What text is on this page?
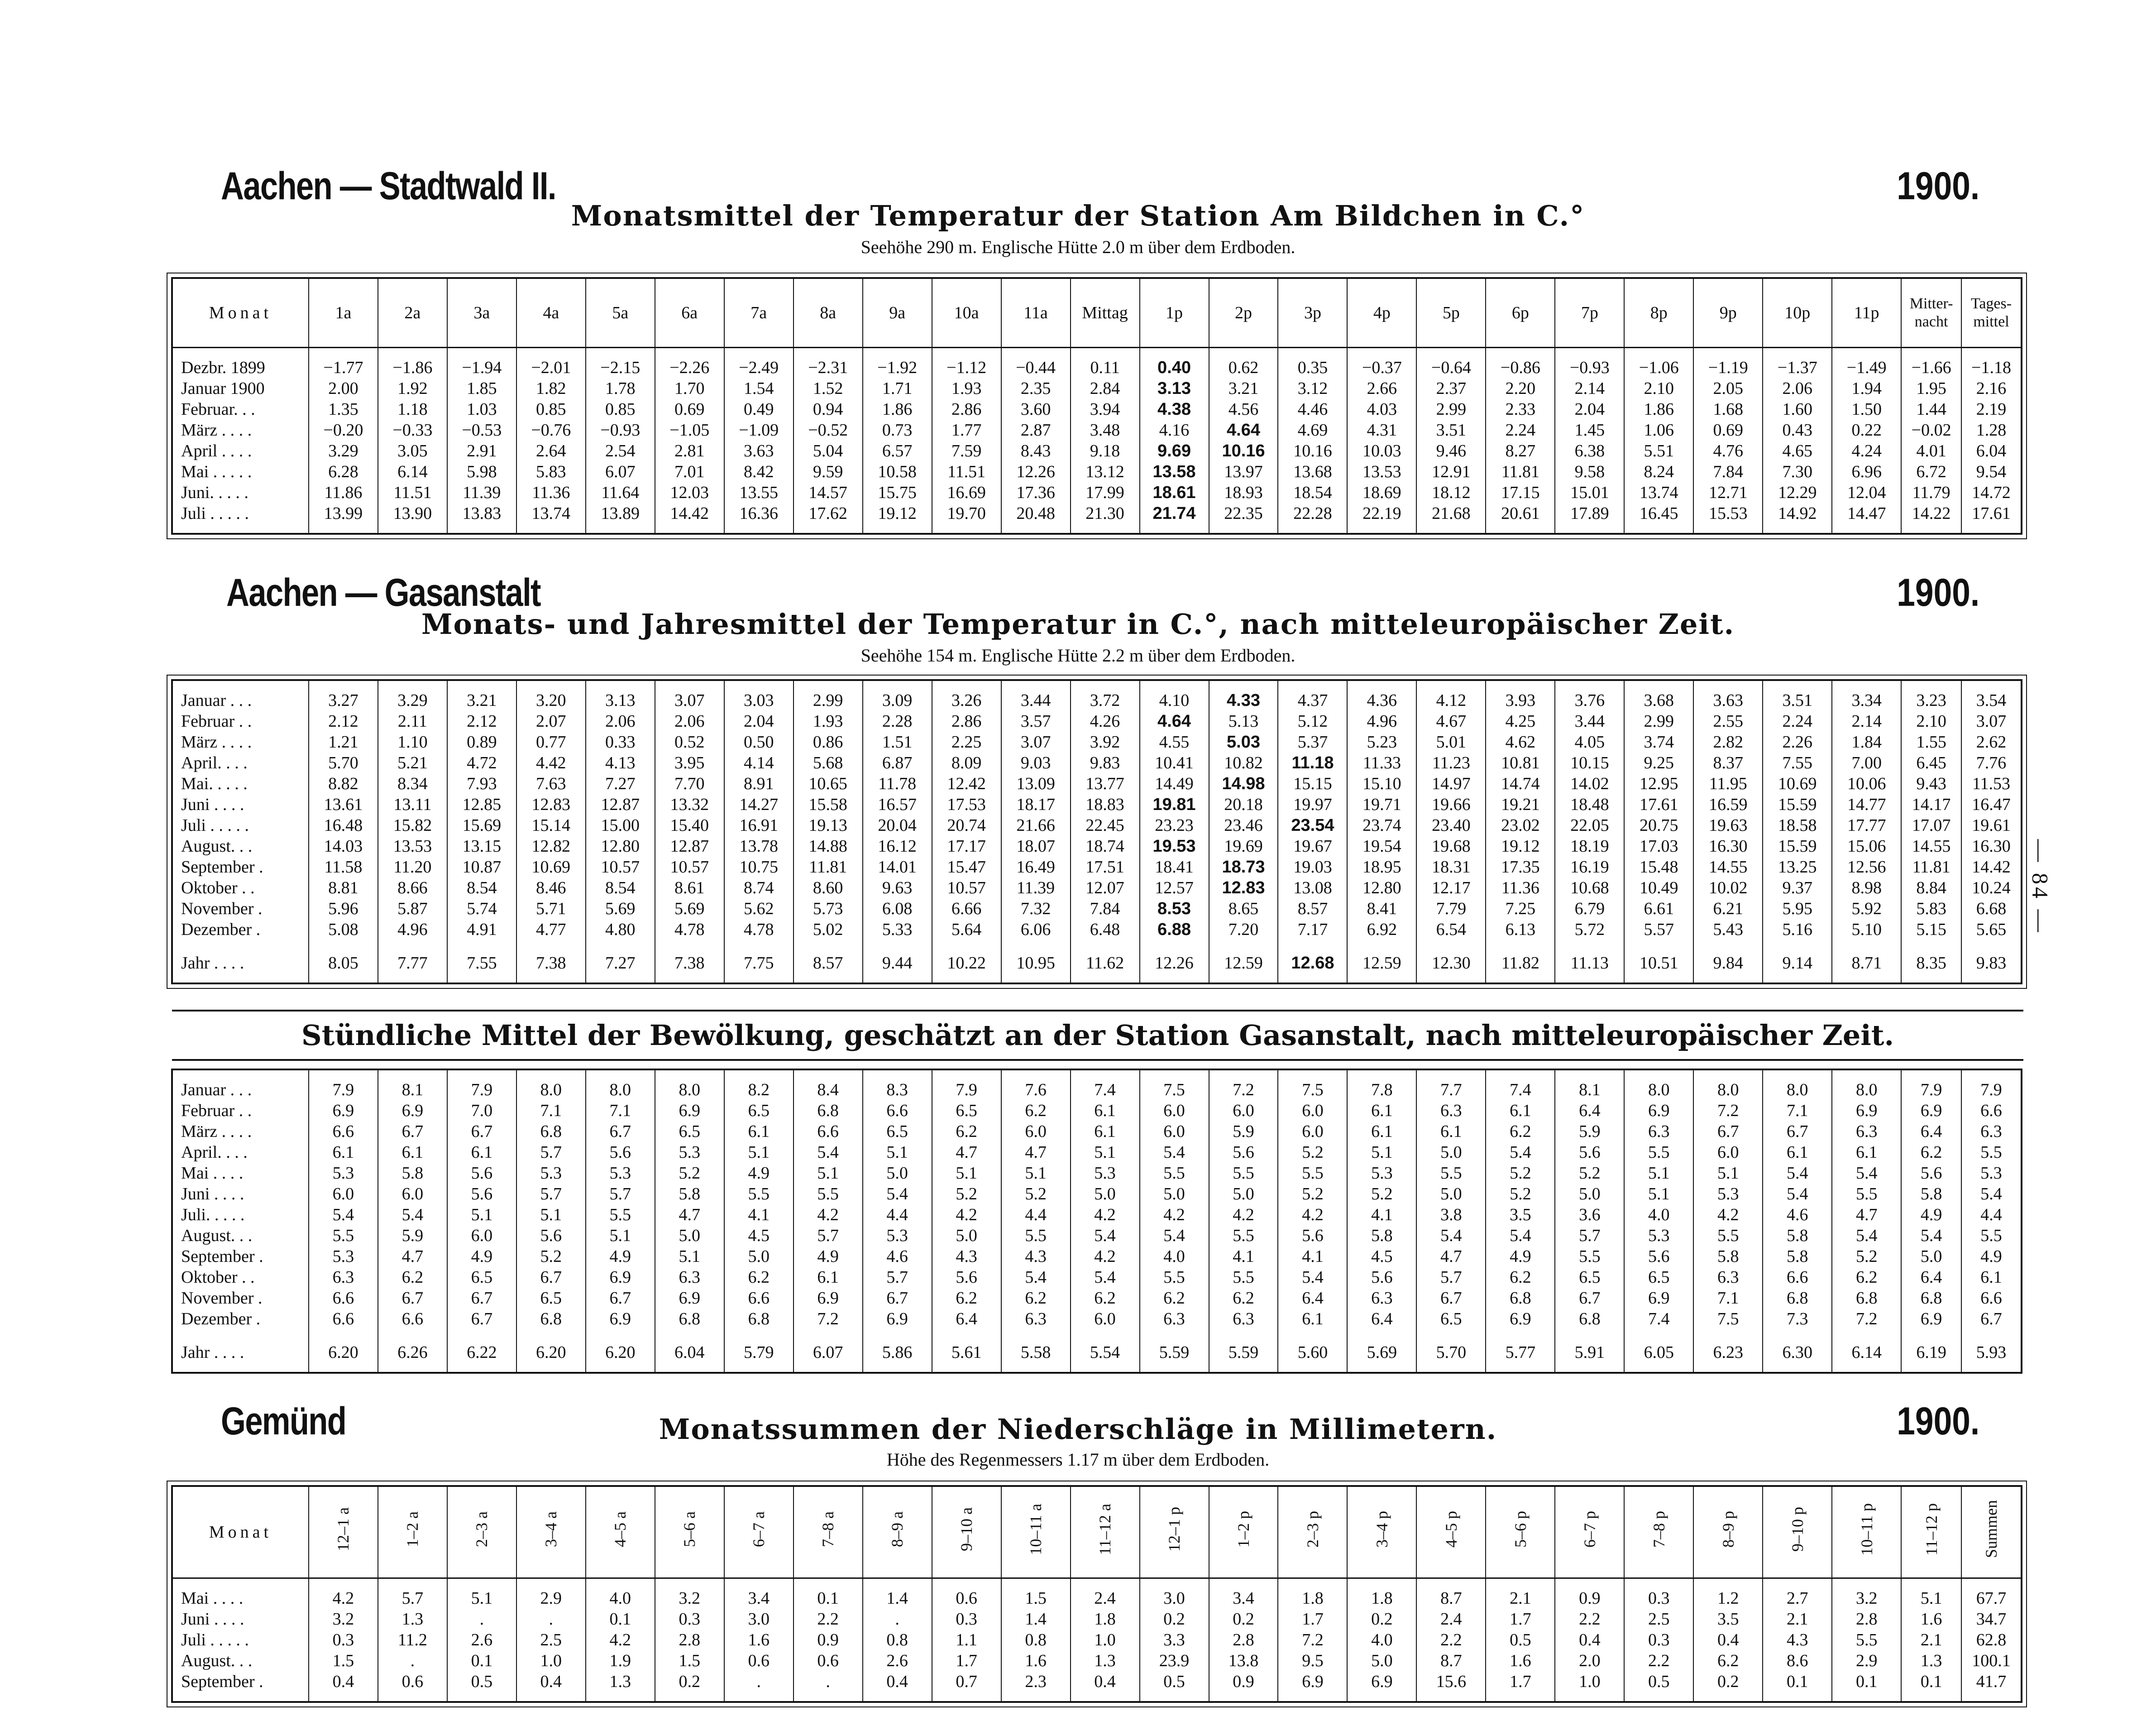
Aachen — Stadtwald II.	1900.
Monatsmittel der Temperatur der Station Am Bildchen in C.°
Seehöhe 290 m. Englische Hütte 2.0 m über dem Erdboden.
Monat	1a	2a	3a	4a	5a	6a	7a	8a	9a	10a	11a	Mittag	1p	2p	3p	4p	5p	6p	7p	8p	9p	10p	11p	Mitter-nacht	Tages-mittel

Dezbr. 1899	−1.77	−1.86	−1.94	−2.01	−2.15	−2.26	−2.49	−2.31	−1.92	−1.12	−0.44	0.11	0.40	0.62	0.35	−0.37	−0.64	−0.86	−0.93	−1.06	−1.19	−1.37	−1.49	−1.66	−1.18
Januar 1900	2.00	1.92	1.85	1.82	1.78	1.70	1.54	1.52	1.71	1.93	2.35	2.84	3.13	3.21	3.12	2.66	2.37	2.20	2.14	2.10	2.05	2.06	1.94	1.95	2.16
Februar. . .	1.35	1.18	1.03	0.85	0.85	0.69	0.49	0.94	1.86	2.86	3.60	3.94	4.38	4.56	4.46	4.03	2.99	2.33	2.04	1.86	1.68	1.60	1.50	1.44	2.19
März . . . .	−0.20	−0.33	−0.53	−0.76	−0.93	−1.05	−1.09	−0.52	0.73	1.77	2.87	3.48	4.16	4.64	4.69	4.31	3.51	2.24	1.45	1.06	0.69	0.43	0.22	−0.02	1.28
April . . . .	3.29	3.05	2.91	2.64	2.54	2.81	3.63	5.04	6.57	7.59	8.43	9.18	9.69	10.16	10.16	10.03	9.46	8.27	6.38	5.51	4.76	4.65	4.24	4.01	6.04
Mai . . . . .	6.28	6.14	5.98	5.83	6.07	7.01	8.42	9.59	10.58	11.51	12.26	13.12	13.58	13.97	13.68	13.53	12.91	11.81	9.58	8.24	7.84	7.30	6.96	6.72	9.54
Juni. . . . .	11.86	11.51	11.39	11.36	11.64	12.03	13.55	14.57	15.75	16.69	17.36	17.99	18.61	18.93	18.54	18.69	18.12	17.15	15.01	13.74	12.71	12.29	12.04	11.79	14.72
Juli . . . . .	13.99	13.90	13.83	13.74	13.89	14.42	16.36	17.62	19.12	19.70	20.48	21.30	21.74	22.35	22.28	22.19	21.68	20.61	17.89	16.45	15.53	14.92	14.47	14.22	17.61

Aachen — Gasanstalt	1900.
Monats- und Jahresmittel der Temperatur in C.°, nach mitteleuropäischer Zeit.
Seehöhe 154 m. Englische Hütte 2.2 m über dem Erdboden.

Januar . . .	3.27	3.29	3.21	3.20	3.13	3.07	3.03	2.99	3.09	3.26	3.44	3.72	4.10	4.33	4.37	4.36	4.12	3.93	3.76	3.68	3.63	3.51	3.34	3.23	3.54
Februar . .	2.12	2.11	2.12	2.07	2.06	2.06	2.04	1.93	2.28	2.86	3.57	4.26	4.64	5.13	5.12	4.96	4.67	4.25	3.44	2.99	2.55	2.24	2.14	2.10	3.07
März . . . .	1.21	1.10	0.89	0.77	0.33	0.52	0.50	0.86	1.51	2.25	3.07	3.92	4.55	5.03	5.37	5.23	5.01	4.62	4.05	3.74	2.82	2.26	1.84	1.55	2.62
April. . . .	5.70	5.21	4.72	4.42	4.13	3.95	4.14	5.68	6.87	8.09	9.03	9.83	10.41	10.82	11.18	11.33	11.23	10.81	10.15	9.25	8.37	7.55	7.00	6.45	7.76
Mai. . . . .	8.82	8.34	7.93	7.63	7.27	7.70	8.91	10.65	11.78	12.42	13.09	13.77	14.49	14.98	15.15	15.10	14.97	14.74	14.02	12.95	11.95	10.69	10.06	9.43	11.53
Juni . . . .	13.61	13.11	12.85	12.83	12.87	13.32	14.27	15.58	16.57	17.53	18.17	18.83	19.81	20.18	19.97	19.71	19.66	19.21	18.48	17.61	16.59	15.59	14.77	14.17	16.47
Juli . . . . .	16.48	15.82	15.69	15.14	15.00	15.40	16.91	19.13	20.04	20.74	21.66	22.45	23.23	23.46	23.54	23.74	23.40	23.02	22.05	20.75	19.63	18.58	17.77	17.07	19.61
August. . .	14.03	13.53	13.15	12.82	12.80	12.87	13.78	14.88	16.12	17.17	18.07	18.74	19.53	19.69	19.67	19.54	19.68	19.12	18.19	17.03	16.30	15.59	15.06	14.55	16.30
September .	11.58	11.20	10.87	10.69	10.57	10.57	10.75	11.81	14.01	15.47	16.49	17.51	18.41	18.73	19.03	18.95	18.31	17.35	16.19	15.48	14.55	13.25	12.56	11.81	14.42
Oktober . .	8.81	8.66	8.54	8.46	8.54	8.61	8.74	8.60	9.63	10.57	11.39	12.07	12.57	12.83	13.08	12.80	12.17	11.36	10.68	10.49	10.02	9.37	8.98	8.84	10.24
November .	5.96	5.87	5.74	5.71	5.69	5.69	5.62	5.73	6.08	6.66	7.32	7.84	8.53	8.65	8.57	8.41	7.79	7.25	6.79	6.61	6.21	5.95	5.92	5.83	6.68
Dezember .	5.08	4.96	4.91	4.77	4.80	4.78	4.78	5.02	5.33	5.64	6.06	6.48	6.88	7.20	7.17	6.92	6.54	6.13	5.72	5.57	5.43	5.16	5.10	5.15	5.65
Jahr . . . .	8.05	7.77	7.55	7.38	7.27	7.38	7.75	8.57	9.44	10.22	10.95	11.62	12.26	12.59	12.68	12.59	12.30	11.82	11.13	10.51	9.84	9.14	8.71	8.35	9.83

Stündliche Mittel der Bewölkung, geschätzt an der Station Gasanstalt, nach mitteleuropäischer Zeit.

Januar . . .	7.9	8.1	7.9	8.0	8.0	8.0	8.2	8.4	8.3	7.9	7.6	7.4	7.5	7.2	7.5	7.8	7.7	7.4	8.1	8.0	8.0	8.0	8.0	7.9	7.9
Februar . .	6.9	6.9	7.0	7.1	7.1	6.9	6.5	6.8	6.6	6.5	6.2	6.1	6.0	6.0	6.0	6.1	6.3	6.1	6.4	6.9	7.2	7.1	6.9	6.9	6.6
März . . . .	6.6	6.7	6.7	6.8	6.7	6.5	6.1	6.6	6.5	6.2	6.0	6.1	6.0	5.9	6.0	6.1	6.1	6.2	5.9	6.3	6.7	6.7	6.3	6.4	6.3
April. . . .	6.1	6.1	6.1	5.7	5.6	5.3	5.1	5.4	5.1	4.7	4.7	5.1	5.4	5.6	5.2	5.1	5.0	5.4	5.6	5.5	6.0	6.1	6.1	6.2	5.5
Mai . . . .	5.3	5.8	5.6	5.3	5.3	5.2	4.9	5.1	5.0	5.1	5.1	5.3	5.5	5.5	5.5	5.3	5.5	5.2	5.2	5.1	5.1	5.4	5.4	5.6	5.3
Juni . . . .	6.0	6.0	5.6	5.7	5.7	5.8	5.5	5.5	5.4	5.2	5.2	5.0	5.0	5.0	5.2	5.2	5.0	5.2	5.0	5.1	5.3	5.4	5.5	5.8	5.4
Juli. . . . .	5.4	5.4	5.1	5.1	5.5	4.7	4.1	4.2	4.4	4.2	4.4	4.2	4.2	4.2	4.2	4.1	3.8	3.5	3.6	4.0	4.2	4.6	4.7	4.9	4.4
August. . .	5.5	5.9	6.0	5.6	5.1	5.0	4.5	5.7	5.3	5.0	5.5	5.4	5.4	5.5	5.6	5.8	5.4	5.4	5.7	5.3	5.5	5.8	5.4	5.4	5.5
September .	5.3	4.7	4.9	5.2	4.9	5.1	5.0	4.9	4.6	4.3	4.3	4.2	4.0	4.1	4.1	4.5	4.7	4.9	5.5	5.6	5.8	5.8	5.2	5.0	4.9
Oktober . .	6.3	6.2	6.5	6.7	6.9	6.3	6.2	6.1	5.7	5.6	5.4	5.4	5.5	5.5	5.4	5.6	5.7	6.2	6.5	6.5	6.3	6.6	6.2	6.4	6.1
November .	6.6	6.7	6.7	6.5	6.7	6.9	6.6	6.9	6.7	6.2	6.2	6.2	6.2	6.2	6.4	6.3	6.7	6.8	6.7	6.9	7.1	6.8	6.8	6.8	6.6
Dezember .	6.6	6.6	6.7	6.8	6.9	6.8	6.8	7.2	6.9	6.4	6.3	6.0	6.3	6.3	6.1	6.4	6.5	6.9	6.8	7.4	7.5	7.3	7.2	6.9	6.7
Jahr . . . .	6.20	6.26	6.22	6.20	6.20	6.04	5.79	6.07	5.86	5.61	5.58	5.54	5.59	5.59	5.60	5.69	5.70	5.77	5.91	6.05	6.23	6.30	6.14	6.19	5.93

Gemünd	1900.
Monatssummen der Niederschläge in Millimetern.
Höhe des Regenmessers 1.17 m über dem Erdboden.
Monat	12–1 a	1–2 a	2–3 a	3–4 a	4–5 a	5–6 a	6–7 a	7–8 a	8–9 a	9–10 a	10–11 a	11–12 a	12–1 p	1–2 p	2–3 p	3–4 p	4–5 p	5–6 p	6–7 p	7–8 p	8–9 p	9–10 p	10–11 p	11–12 p	Summen

Mai . . . .	4.2	5.7	5.1	2.9	4.0	3.2	3.4	0.1	1.4	0.6	1.5	2.4	3.0	3.4	1.8	1.8	8.7	2.1	0.9	0.3	1.2	2.7	3.2	5.1	67.7
Juni . . . .	3.2	1.3	.	.	0.1	0.3	3.0	2.2	.	0.3	1.4	1.8	0.2	0.2	1.7	0.2	2.4	1.7	2.2	2.5	3.5	2.1	2.8	1.6	34.7
Juli . . . . .	0.3	11.2	2.6	2.5	4.2	2.8	1.6	0.9	0.8	1.1	0.8	1.0	3.3	2.8	7.2	4.0	2.2	0.5	0.4	0.3	0.4	4.3	5.5	2.1	62.8
August. . .	1.5	.	0.1	1.0	1.9	1.5	0.6	0.6	2.6	1.7	1.6	1.3	23.9	13.8	9.5	5.0	8.7	1.6	2.0	2.2	6.2	8.6	2.9	1.3	100.1
September .	0.4	0.6	0.5	0.4	1.3	0.2	.	.	0.4	0.7	2.3	0.4	0.5	0.9	6.9	6.9	15.6	1.7	1.0	0.5	0.2	0.1	0.1	0.1	41.7

— 84 —
